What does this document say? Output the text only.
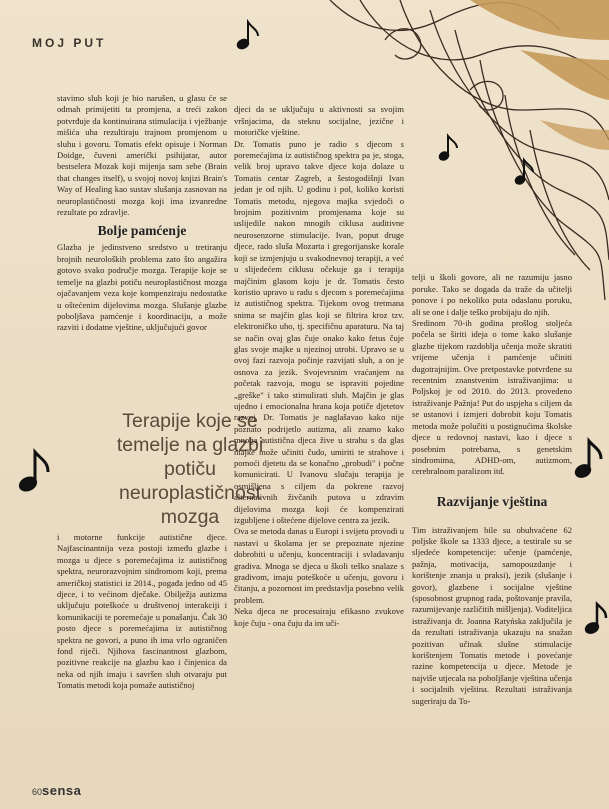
MOJ PUT

stavimo sluh koji je bio narušen, u glasu će se odmah primijetiti ta promjena, a treći zakon potvrđuje da kontinuirana stimulacija i vježbanje mišića uha rezultiraju trajnom promjenom u sluhu i govoru. Tomatis efekt opisuje i Norman Doidge, čuveni američki psihijatar, autor bestselera Mozak koji mijenja sam sebe (Brain that changes itself), u svojoj novoj knjizi Brain's Way of Healing kao sustav slušanja zasnovan na neuroplastičnosti mozga koji ima izvanredne rezultate po zdravlje.

Bolje pamćenje

Glazba je jedinstveno sredstvo u tretiranju brojnih neuroloških problema zato što angažira gotovo svako područje mozga. Terapije koje se temelje na glazbi potiču neuroplastičnost mozga ojačavanjem veza koje kompenziraju nedostatke u oštećenim dijelovima mozga. Slušanje glazbe poboljšava pamćenje i koordinaciju, a može razviti i dodatne vještine, uključujući govor

Terapije koje se temelje na glazbi potiču neuroplastičnost mozga

i motorne funkcije autistične djece. Najfascinantnija veza postoji između glazbe i mozga u djece s poremećajima iz autističnog spektra, neurorazvojnim sindromom koji, prema američkoj statistici iz 2014., pogađa jedno od 45 djece, i to većinom dječake. Obilježja autizma uključuju poteškoće u društvenoj interakciji i komunikaciji te poremećaje u ponašanju. Čak 30 posto djece s poremećajima iz autističnog spektra ne govori, a puno ih ima vrlo ograničen fond riječi. Njihova fascinantnost glazbom, pozitivne reakcije na glazbu kao i činjenica da neka od njih imaju i savršen sluh otvaraju put Tomatis metodi koja pomaže autističnoj

djeci da se uključuju u aktivnosti sa svojim vršnjacima, da steknu socijalne, jezične i motoričke vještine.
Dr. Tomatis puno je radio s djecom s poremećajima iz autističnog spektra pa je, stoga, velik broj upravo takve djece koja dolaze u Tomatis centar Zagreb, a šestogodišnji Ivan jedan je od njih. U godinu i pol, koliko koristi Tomatis metodu, njegova majka svjedoči o brojnim pozitivnim promjenama koje su uslijedile nakon mnogih ciklusa auditivne neurosenzorne stimulacije. Ivan, poput druge djece, rado sluša Mozarta i gregorijanske korale koji se izmjenjuju u svakodnevnoj terapiji, a već u slijedećem ciklusu očekuje ga i terapija majčinim glasom koju je dr. Tomatis često koristio upravo u radu s djecom s poremećajima iz autističnog spektra. Tijekom ovog tretmana snima se majčin glas koji se filtrira kroz tzv. elektroničko uho, tj. specifičnu aparaturu. Na taj se način ovaj glas čuje onako kako fetus čuje glas svoje majke u njezinoj utrobi. Upravo se u ovoj fazi razvoja počinje razvijati sluh, a on je osnova za jezik. Svojevrsnim vraćanjem na početak razvoja, mogu se ispraviti pojedine „greške" i tako stimulirati sluh. Majčin je glas ujedno i emocionalna hrana koja potiče djetetov razvoj. Dr. Tomatis je naglašavao kako nije poznato podrijetlo autizma, ali znamo kako mnoga autistična djeca žive u strahu s da glas majke može učiniti čudo, umiriti te strahove i pomoći djetetu da se konačno „probudi" i počne komunicirati. U Ivanovu slučaju terapija je osmišljena s ciljem da pokrene razvoj alternativnih živčanih putova u zdravim dijelovima mozga koji će kompenzirati izgubljene i oštećene dijelove centra za jezik.
Ova se metoda danas u Europi i svijetu provodi u nastavi u školama jer se prepoznate njezine dobrobiti u učenju, koncentraciji i svladavanju gradiva. Mnoga se djeca u školi teško snalaze s gradivom, imaju poteškoće u učenju, govoru i čitanju, a pozornost im predstavlja posebno velik problem.
Neka djeca ne procesuiraju efikasno zvukove koje čuju - ona čuju da im uči-

telji u školi govore, ali ne razumiju jasno poruke. Tako se dogada da traže da učitelji ponove i po nekoliko puta odaslanu poruku, ali se one i dalje teško probijaju do njih.
Sredinom 70-ih godina prošlog stoljeća počela se širiti ideja o tome kako slušanje glazbe tijekom razdoblja učenja može skratiti vrijeme učenja i pamćenje učiniti dugotrajnijim. Ove pretpostavke potvrđene su recentnim znanstvenim istraživanjima: u Poljskoj je od 2010. do 2013. provedeno istraživanje Pažnja! Put do uspjeha s ciljem da se ustanovi i izmjeri dobrobit koju Tomatis metoda može polučiti u postignućima školske djece u redovnoj nastavi, kao i djece s posebnim potrebama, s genetskim sindromima, ADHD-om, autizmom, cerebralnom paralizom itd.

Razvijanje vještina

Tim istraživanjem bile su obuhvaćene 62 poljske škole sa 1333 djece, a testirale su se sljedeće kompetencije: učenje (pamćenje, pažnja, motivacija, samopouzdanje i korištenje znanja u praksi), jezik (slušanje i govor), glazbene i socijalne vještine (sposobnost grupnog rada, poštovanje pravila, razumijevanje različitih mišljenja). Voditeljica istraživanja dr. Joanna Ratyńska zaključila je da rezultati istraživanja ukazuju na snažan pozitivan učinak slušne stimulacije korištenjem Tomatis metode i povećanje razine kompetencija u djece. Metode je najviše utjecala na poboljšanje vještina učenja i socijalnih vještina. Rezultati istraživanja sugeriraju da To-

60sensa
